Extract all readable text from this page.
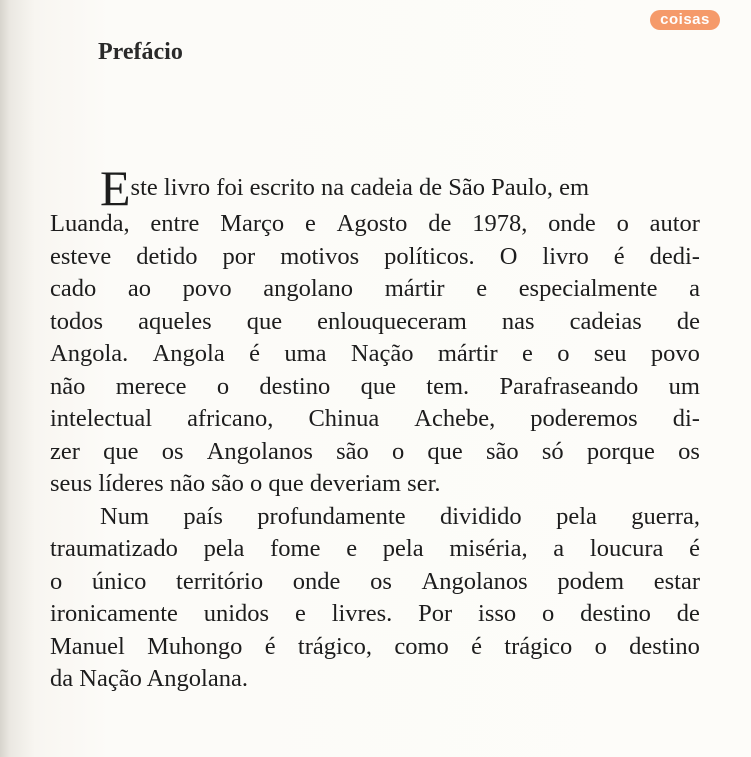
coisas
Prefácio
E ste livro foi escrito na cadeia de São Paulo, em
Luanda, entre Março e Agosto de 1978, onde o autor
esteve detido por motivos políticos. O livro é dedi-
cado ao povo angolano mártir e especialmente a
todos aqueles que enlouqueceram nas cadeias de
Angola. Angola é uma Nação mártir e o seu povo
não merece o destino que tem. Parafraseando um
intelectual africano, Chinua Achebe, poderemos di-
zer que os Angolanos são o que são só porque os
seus líderes não são o que deveriam ser.
Num país profundamente dividido pela guerra,
traumatizado pela fome e pela miséria, a loucura é
o único território onde os Angolanos podem estar
ironicamente unidos e livres. Por isso o destino de
Manuel Muhongo é trágico, como é trágico o destino
da Nação Angolana.
